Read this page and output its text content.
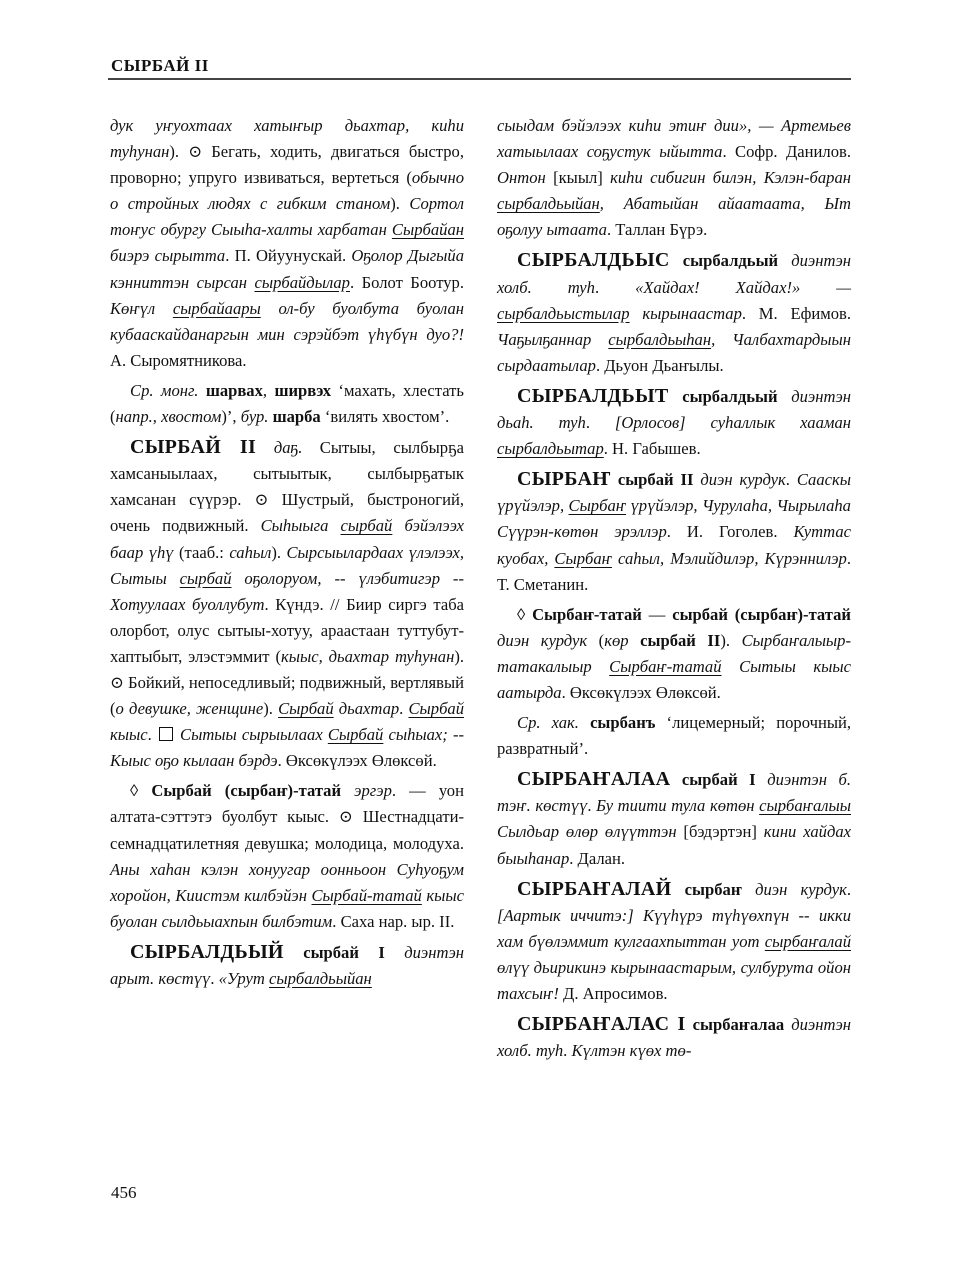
СЫРБАЙ II

дук уҥуохтаах хатыҥыр дьахтар, киһи туһунан). ⊙ Бегать, ходить, двигаться быстро, проворно; упруго извиваться, вертеться (обычно о стройных людях с гибким станом). Сортол тоҥус обургу Сыыһа-халты харбатан Сырбайан биэрэ сырытта. П. Ойуунускай. Оҕолор Дыгыйа кэнниттэн сырсан сырбайдылар. Болот Боотур. Көҥүл сырбайаары ол-бу буолбута буолан кубаaскайданаргын мин сэрэйбэт үһүбүн дуо?! А. Сыромятникова.

Ср. монг. шарвах, ширвэх ‘махать, хлестать (напр., хвостом)’, бур. шарба ‘вилять хвостом’.

СЫРБАЙ II даҕ. Сытыы, сылбырҕа хамсаныылаах, сытыытык, сылбырҕатык хамсанан сүүрэр. ⊙ Шустрый, быстроногий, очень подвижный. Сыһыыга сырбай бэйэлээх баар үһү (тааб.: саһыл). Сырсыылардаах үлэлээх, Сытыы сырбай оҕолоруом, -- үлэбитигэр -- Хотуулаах буоллубут. Күндэ. // Биир сиргэ таба олорбот, олус сытыы-хотуу, араастаан туттубут-хаптыбыт, элэстэммит (кыыс, дьахтар туһунан). ⊙ Бойкий, непоседливый; подвижный, вертлявый (о девушке, женщине). Сырбай дьахтар. Сырбай кыыс.  Сытыы сырыылаах Сырбай сыһыах; -- Кыыс оҕо кылаан бэрдэ. Өксөкүлээх Өлөксөй.

◊ Сырбай (сырбаҥ)-татай эргэр. — уон алтата-сэттэтэ буолбут кыыс. ⊙ Шестнадцати-семнадцатилетняя девушка; молодица, молодуха. Аны хаһан кэлэн хонуугар оонньоон Суһуоҕум хоройон, Киистэм килбэйэн Сырбай-татай кыыс буолан сылдьыахпын билбэтим. Саха нар. ыр. II.

СЫРБАЛДЬЫЙ сырбай I диэнтэн арыт. көстүү. «Урут сырбалдьыйан

сыыдам бэйэлээх киһи этиҥ дии», — Артемьев хатыылаах соҕустук ыйытта. Софр. Данилов. Онтон [кыыл] киһи сибигин билэн, Кэлэн-баран сырбалдьыйан, Абатыйан айаатаата, Ыт оҕолуу ытаата. Таллан Бүрэ.

СЫРБАЛДЬЫС сырбалдьый диэнтэн холб. туһ. «Хайдах! Хайдах!» — сырбалдьыстылар кырынаастар. М. Ефимов. Чаҕылҕаннар сырбалдьыһан, Чалбахтардыын сырдаатылар. Дьуон Дьаҥылы.

СЫРБАЛДЬЫТ сырбалдьый диэнтэн дьаһ. туһ. [Орлосов] суһаллык хааман сырбалдьытар. Н. Габышев.

СЫРБАҤ сырбай II диэн курдук. Сааскы үрүйэлэр, Сырбаҥ үрүйэлэр, Чурулаһа, Чырылаһа Сүүрэн-көтөн эрэллэр. И. Гоголев. Куттас куобах, Сырбаҥ саһыл, Мэлийдилэр, Күрэннилэр. Т. Сметанин.

◊ Сырбаҥ-татай — сырбай (сырбаҥ)-татай диэн курдук (көр сырбай II). Сырбаҥалыыр-татакалыыр Сырбаҥ-татай Сытыы кыыс аатырда. Өксөкүлээх Өлөксөй.

Ср. хак. сырбанъ ‘лицемерный; порочный, развратный’.

СЫРБАҤАЛАА сырбай I диэнтэн б. тэҥ. көстүү. Бу тиити тула көтөн сырбаҥалыы Сылдьар өлөр өлүүттэн [бэдэртэн] кини хайдах быыһанар. Далан.

СЫРБАҤАЛАЙ сырбаҥ диэн курдук. [Аартык иччитэ:] Күүһүрэ түһүөхпүн -- икки хам бүөлэммит кулгаахпыттан уот сырбаҥалай өлүү дьирикинэ кырынаастарым, сулбурута ойон тахсыҥ! Д. Апросимов.

СЫРБАҤАЛАС I сырбаҥалаа диэнтэн холб. туһ. Күлтэн күөх тө-

456
